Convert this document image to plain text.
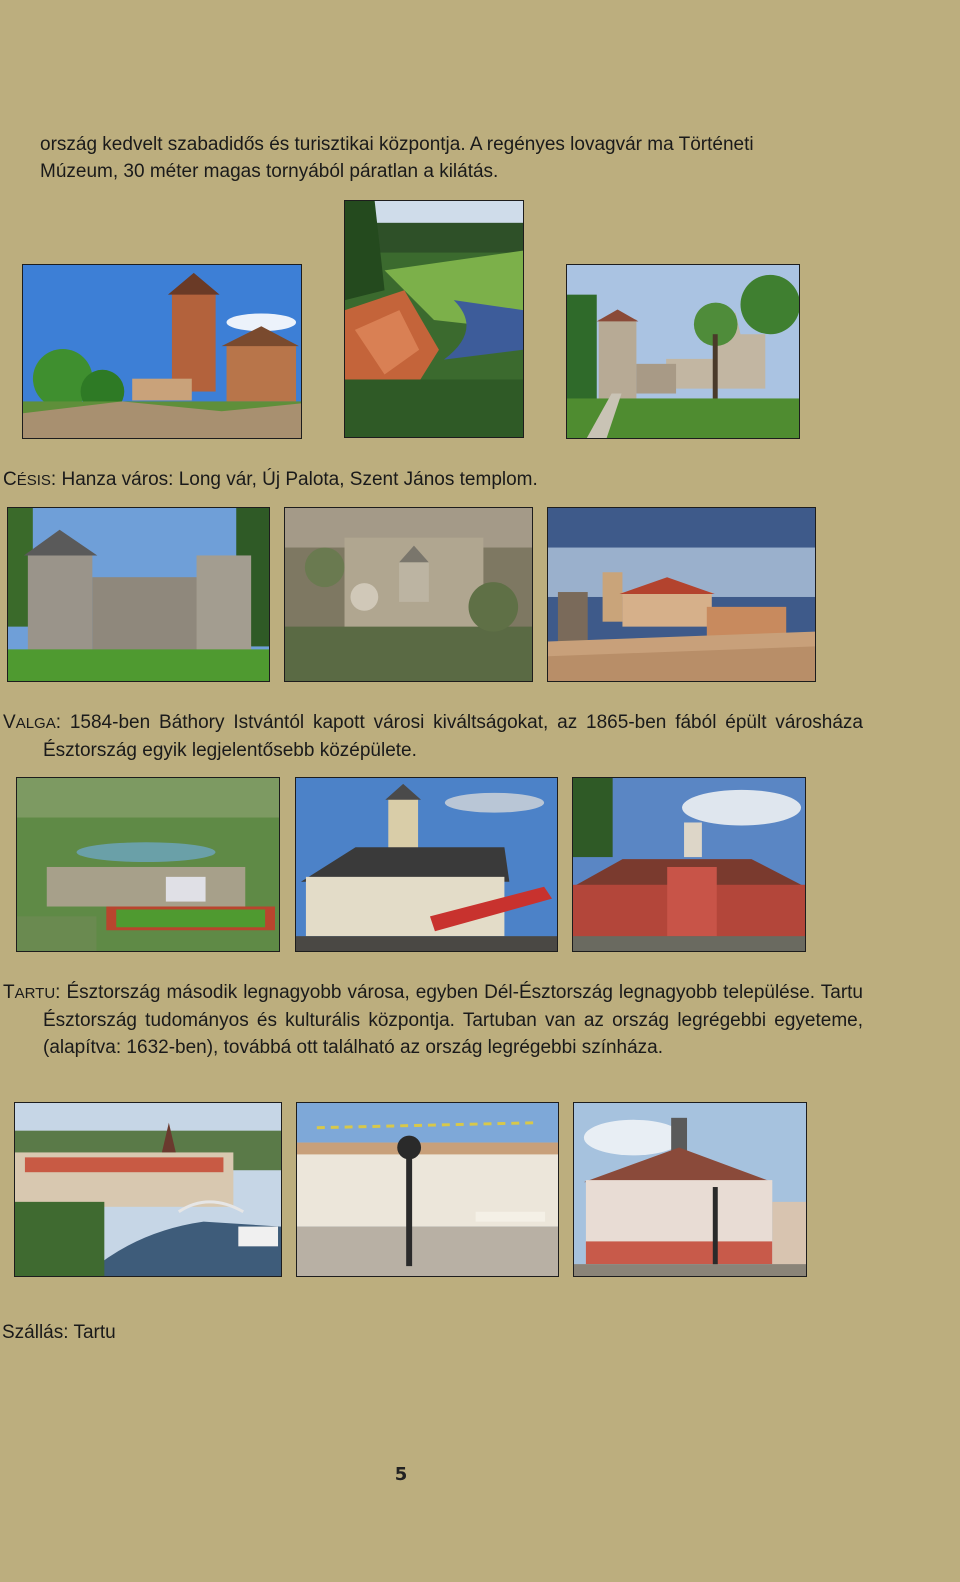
ország kedvelt szabadidős és turisztikai központja. A regényes lovagvár ma Történeti
Múzeum, 30 méter magas tornyából páratlan a kilátás.
CÉSIS: Hanza város: Long vár, Új Palota, Szent János templom.
VALGA: 1584-ben Báthory Istvántól kapott városi kiváltságokat, az 1865-ben fából épült városháza Észtország egyik legjelentősebb középülete.
TARTU: Észtország második legnagyobb városa, egyben Dél-Észtország legnagyobb települése. Tartu Észtország tudományos és kulturális központja. Tartuban van az ország legrégebbi egyeteme, (alapítva: 1632-ben), továbbá ott található az ország legrégebbi színháza.
Szállás: Tartu
5
